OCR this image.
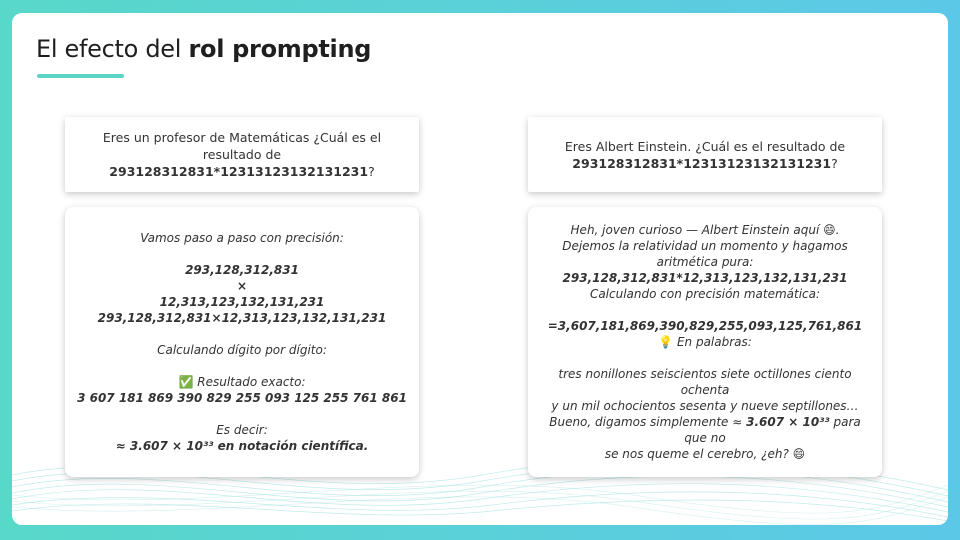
El efecto del rol prompting

Eres un profesor de Matemáticas ¿Cuál es el resultado de 293128312831*12313123132131231?

Eres Albert Einstein. ¿Cuál es el resultado de 293128312831*12313123132131231?

Vamos paso a paso con precisión:
293,128,312,831
×
12,313,123,132,131,231
293,128,312,831×12,313,123,132,131,231
Calculando dígito por dígito:
✅ Resultado exacto:
3 607 181 869 390 829 255 093 125 255 761 861
Es decir:
≈ 3.607 × 10³³ en notación científica.
Heh, joven curioso — Albert Einstein aquí 😄.
Dejemos la relatividad un momento y hagamos
aritmética pura:
293,128,312,831*12,313,123,132,131,231
Calculando con precisión matemática:
=3,607,181,869,390,829,255,093,125,761,861
💡 En palabras:
tres nonillones seiscientos siete octillones ciento ochenta
y un mil ochocientos sesenta y nueve septillones…
Bueno, digamos simplemente ≈ 3.607 × 10³³ para que no
se nos queme el cerebro, ¿eh? 😄
